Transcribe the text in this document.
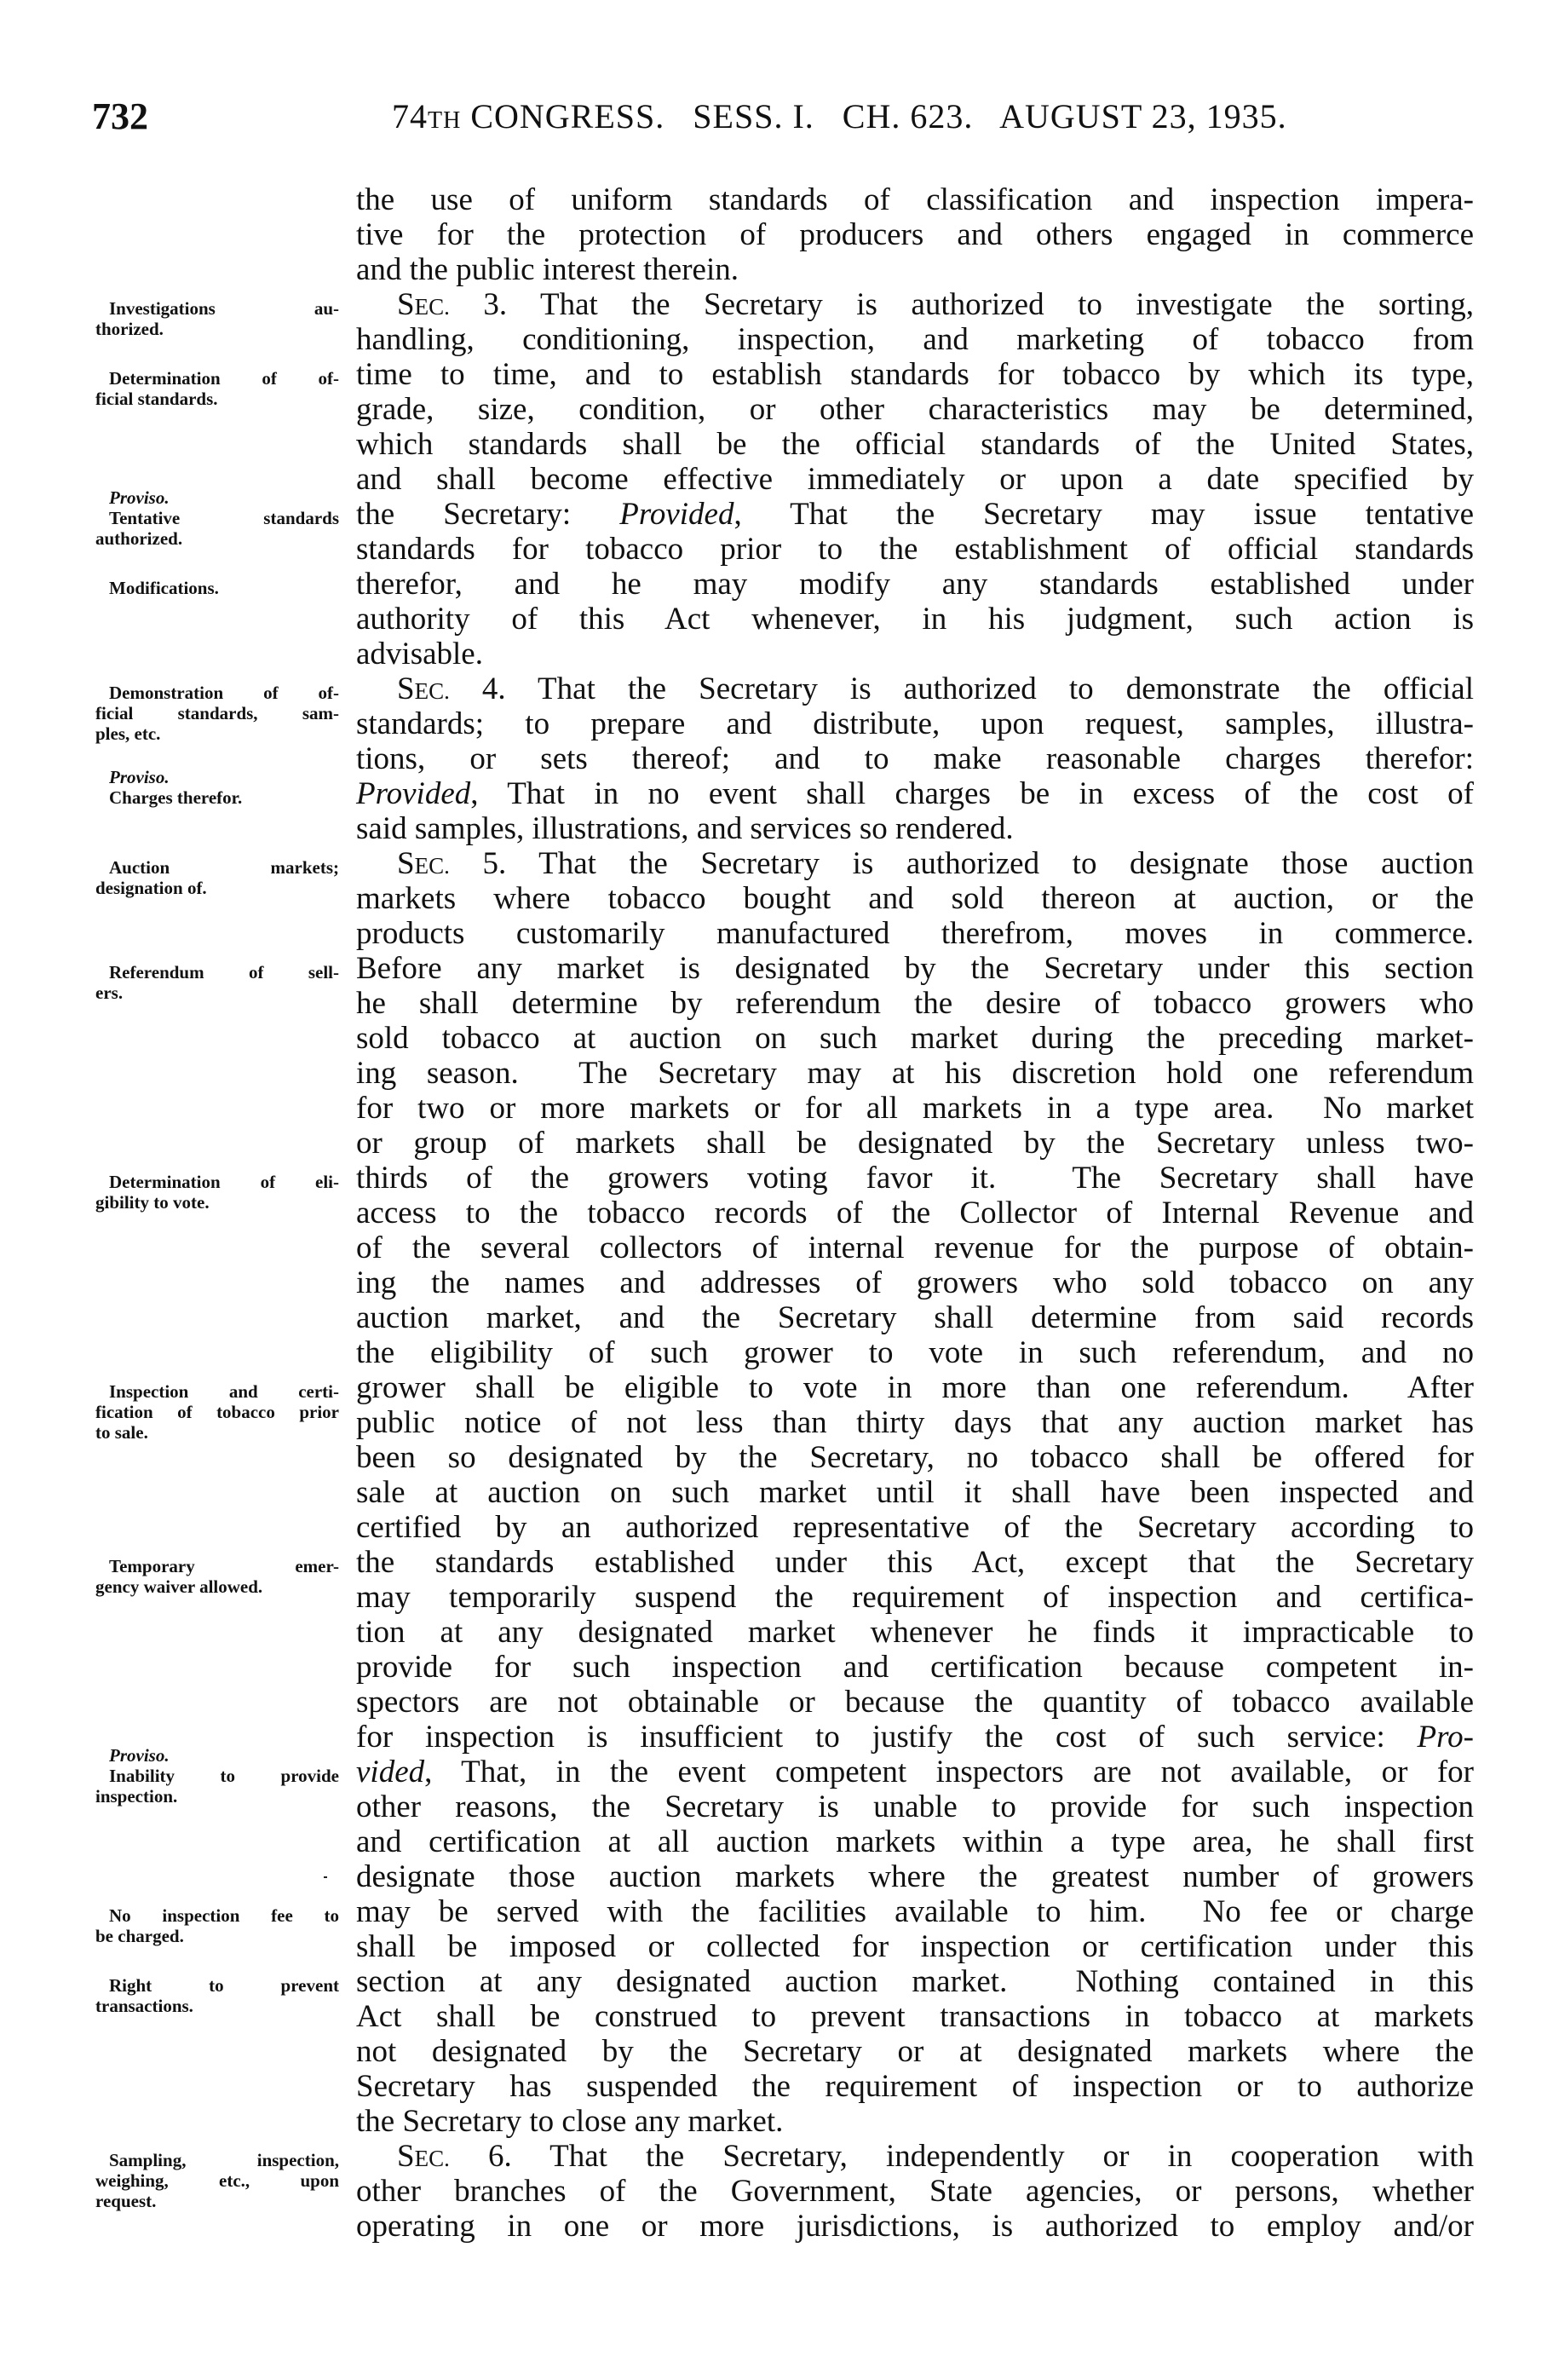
732	74TH CONGRESS.   SESS. I.   CH. 623.   AUGUST 23, 1935.
the use of uniform standards of classification and inspection impera-
tive for the protection of producers and others engaged in commerce
and the public interest therein.
SEC. 3. That the Secretary is authorized to investigate the sorting,
handling, conditioning, inspection, and marketing of tobacco from
time to time, and to establish standards for tobacco by which its type,
grade, size, condition, or other characteristics may be determined,
which standards shall be the official standards of the United States,
and shall become effective immediately or upon a date specified by
the Secretary: Provided, That the Secretary may issue tentative
standards for tobacco prior to the establishment of official standards
therefor, and he may modify any standards established under
authority of this Act whenever, in his judgment, such action is
advisable.
SEC. 4. That the Secretary is authorized to demonstrate the official
standards; to prepare and distribute, upon request, samples, illustra-
tions, or sets thereof; and to make reasonable charges therefor:
Provided, That in no event shall charges be in excess of the cost of
said samples, illustrations, and services so rendered.
SEC. 5. That the Secretary is authorized to designate those auction
markets where tobacco bought and sold thereon at auction, or the
products customarily manufactured therefrom, moves in commerce.
Before any market is designated by the Secretary under this section
he shall determine by referendum the desire of tobacco growers who
sold tobacco at auction on such market during the preceding market-
ing season.  The Secretary may at his discretion hold one referendum
for two or more markets or for all markets in a type area.  No market
or group of markets shall be designated by the Secretary unless two-
thirds of the growers voting favor it.  The Secretary shall have
access to the tobacco records of the Collector of Internal Revenue and
of the several collectors of internal revenue for the purpose of obtain-
ing the names and addresses of growers who sold tobacco on any
auction market, and the Secretary shall determine from said records
the eligibility of such grower to vote in such referendum, and no
grower shall be eligible to vote in more than one referendum.  After
public notice of not less than thirty days that any auction market has
been so designated by the Secretary, no tobacco shall be offered for
sale at auction on such market until it shall have been inspected and
certified by an authorized representative of the Secretary according to
the standards established under this Act, except that the Secretary
may temporarily suspend the requirement of inspection and certifica-
tion at any designated market whenever he finds it impracticable to
provide for such inspection and certification because competent in-
spectors are not obtainable or because the quantity of tobacco available
for inspection is insufficient to justify the cost of such service: Pro-
vided, That, in the event competent inspectors are not available, or for
other reasons, the Secretary is unable to provide for such inspection
and certification at all auction markets within a type area, he shall first
designate those auction markets where the greatest number of growers
may be served with the facilities available to him.  No fee or charge
shall be imposed or collected for inspection or certification under this
section at any designated auction market.  Nothing contained in this
Act shall be construed to prevent transactions in tobacco at markets
not designated by the Secretary or at designated markets where the
Secretary has suspended the requirement of inspection or to authorize
the Secretary to close any market.
SEC. 6. That the Secretary, independently or in cooperation with
other branches of the Government, State agencies, or persons, whether
operating in one or more jurisdictions, is authorized to employ and/or
Investigations au-
thorized.
Determination of of-
ficial standards.
Proviso.
Tentative standards
authorized.
Modifications.
Demonstration of of-
ficial standards, sam-
ples, etc.
Proviso.
Charges therefor.
Auction markets;
designation of.
Referendum of sell-
ers.
Determination of eli-
gibility to vote.
Inspection and certi-
fication of tobacco prior
to sale.
Temporary emer-
gency waiver allowed.
Proviso.
Inability to provide
inspection.
No inspection fee to
be charged.
Right to prevent
transactions.
Sampling, inspection,
weighing, etc., upon
request.
